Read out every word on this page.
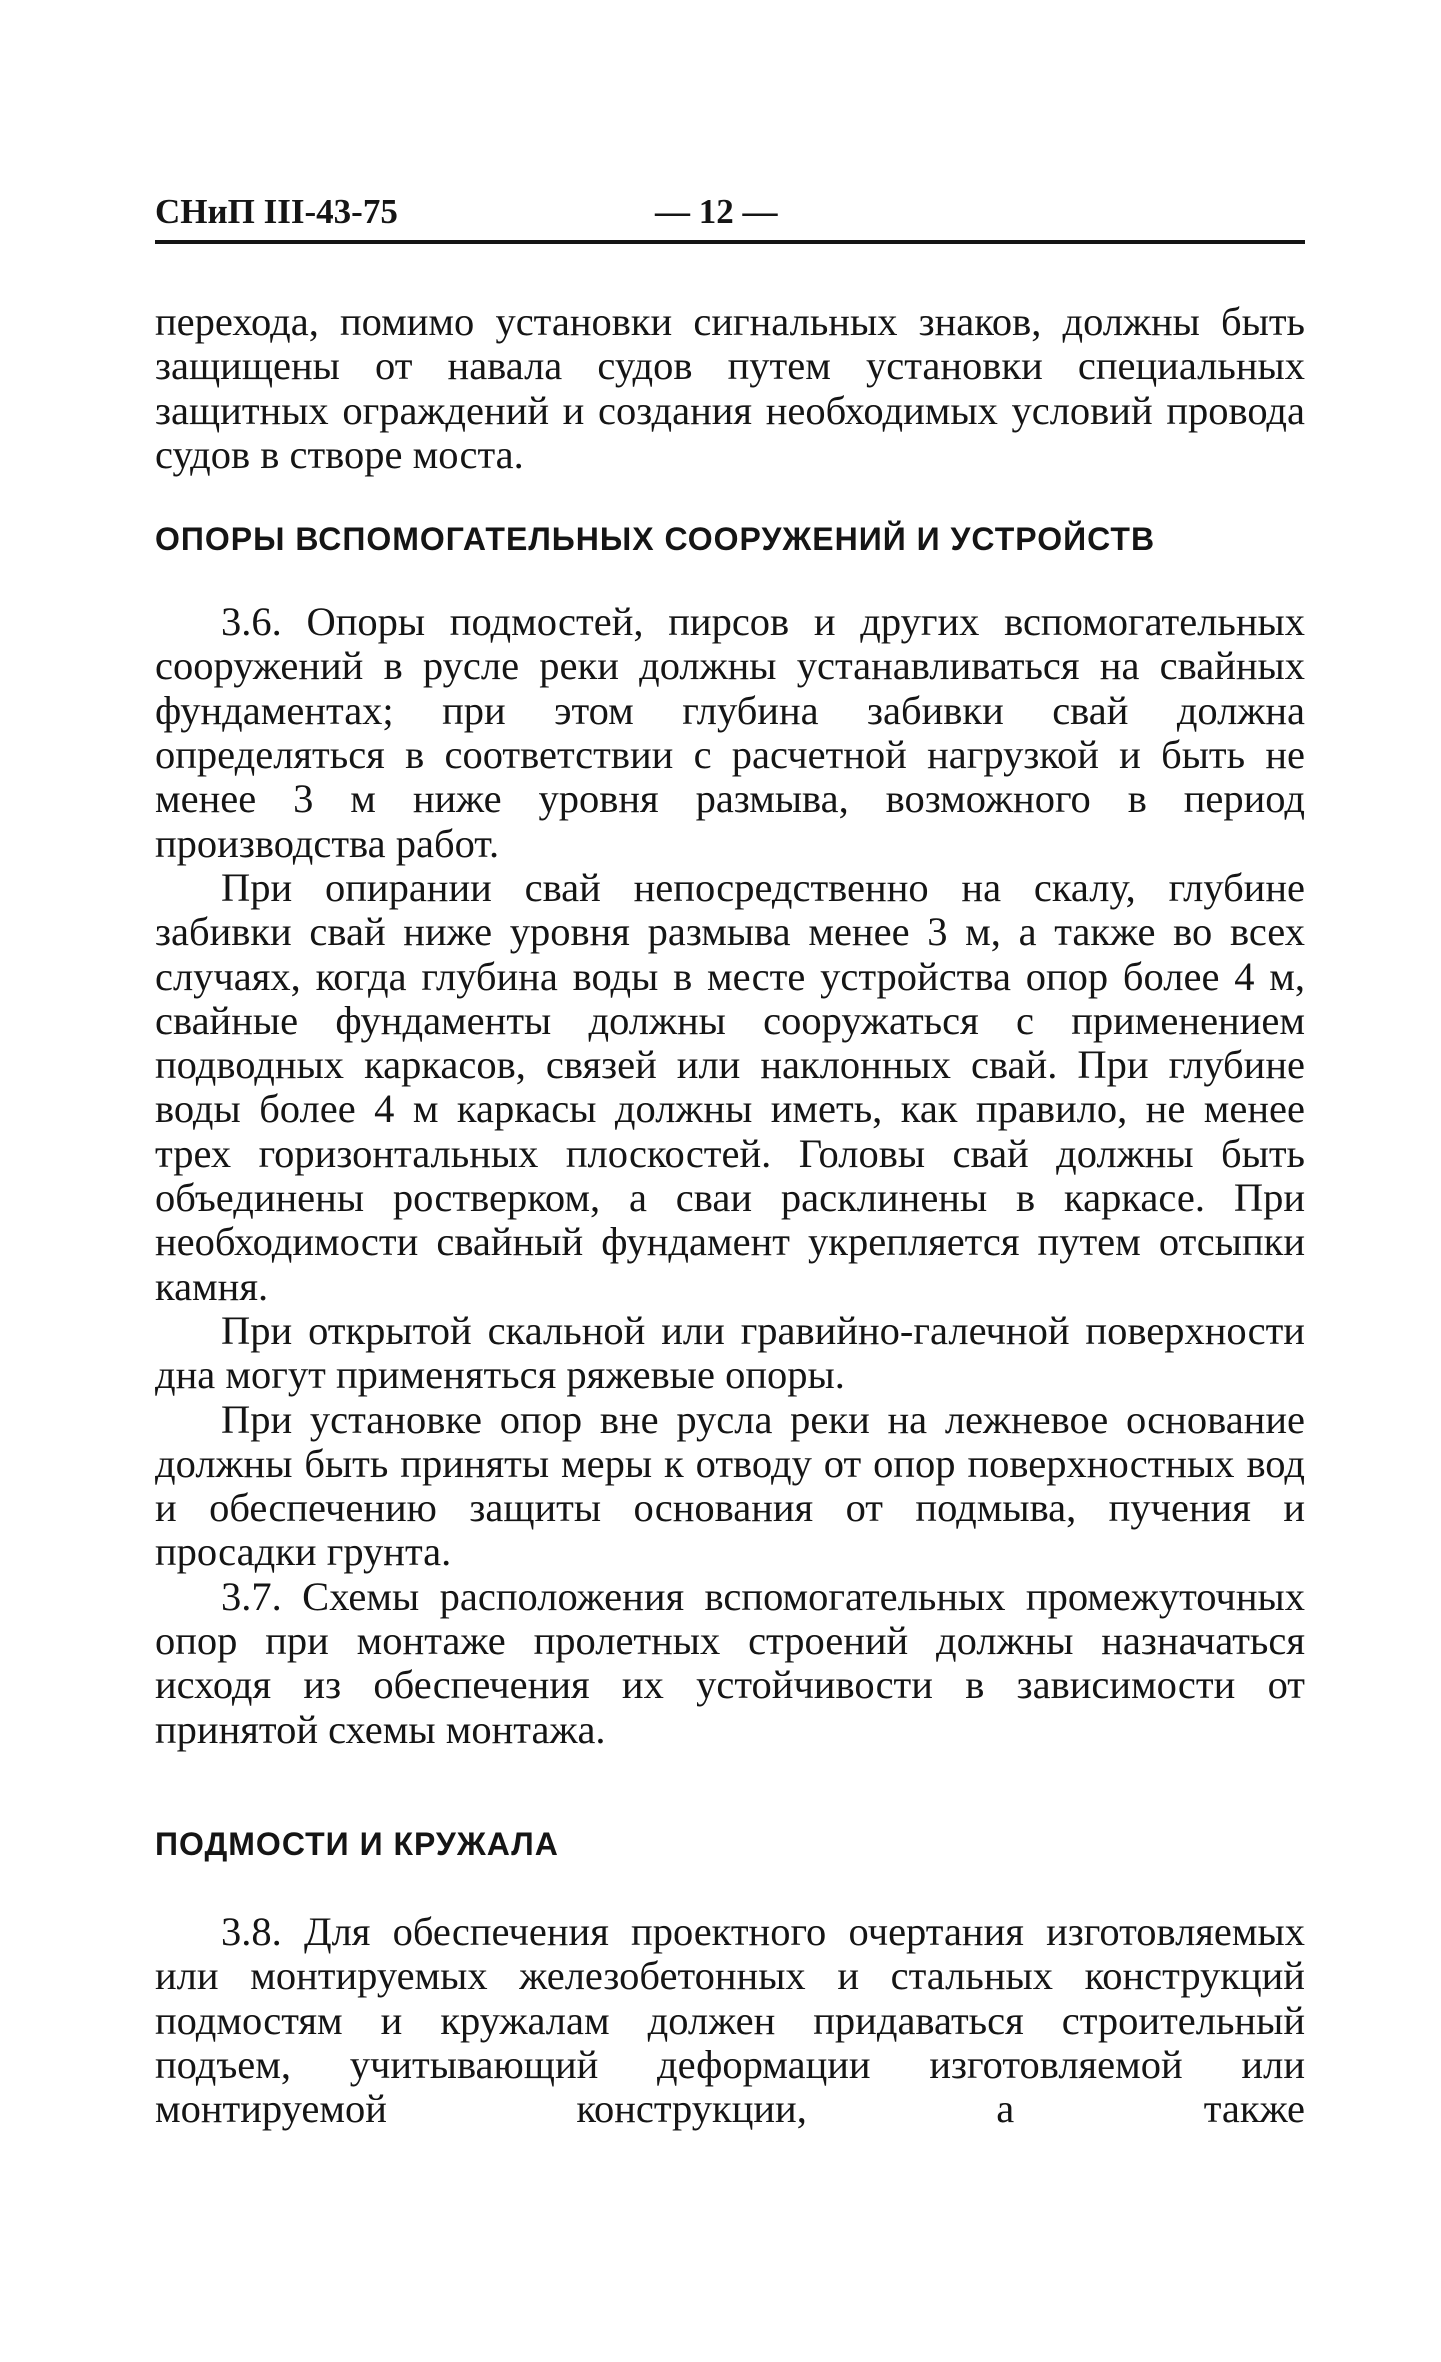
СНиП III-43-75	— 12 —

перехода, помимо установки сигнальных знаков, должны быть защищены от навала судов путем установки специальных защитных ограждений и создания необходимых условий провода судов в створе моста.

ОПОРЫ ВСПОМОГАТЕЛЬНЫХ СООРУЖЕНИЙ И УСТРОЙСТВ

3.6. Опоры подмостей, пирсов и других вспомогательных сооружений в русле реки должны устанавливаться на свайных фундаментах; при этом глубина забивки свай должна определяться в соответствии с расчетной нагрузкой и быть не менее 3 м ниже уровня размыва, возможного в период производства работ.

При опирании свай непосредственно на скалу, глубине забивки свай ниже уровня размыва менее 3 м, а также во всех случаях, когда глубина воды в месте устройства опор более 4 м, свайные фундаменты должны сооружаться с применением подводных каркасов, связей или наклонных свай. При глубине воды более 4 м каркасы должны иметь, как правило, не менее трех горизонтальных плоскостей. Головы свай должны быть объединены ростверком, а сваи расклинены в каркасе. При необходимости свайный фундамент укрепляется путем отсыпки камня.

При открытой скальной или гравийно-галечной поверхности дна могут применяться ряжевые опоры.

При установке опор вне русла реки на лежневое основание должны быть приняты меры к отводу от опор поверхностных вод и обеспечению защиты основания от подмыва, пучения и просадки грунта.

3.7. Схемы расположения вспомогательных промежуточных опор при монтаже пролетных строений должны назначаться исходя из обеспечения их устойчивости в зависимости от принятой схемы монтажа.

ПОДМОСТИ И КРУЖАЛА

3.8. Для обеспечения проектного очертания изготовляемых или монтируемых железобетонных и стальных конструкций подмостям и кружалам должен придаваться строительный подъем, учитывающий деформации изготовляемой или монтируемой конструкции, а также
